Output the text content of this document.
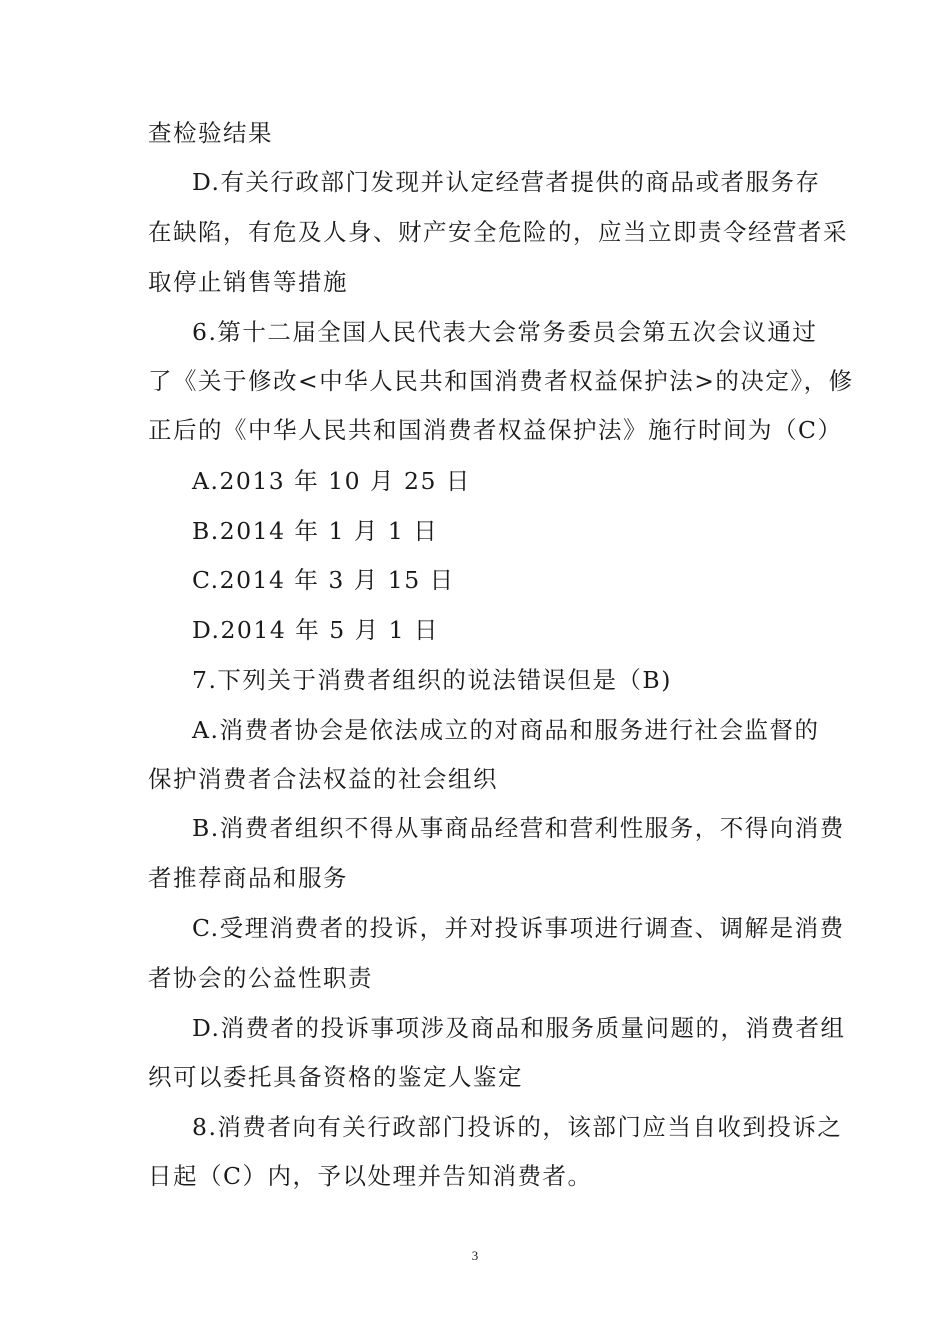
查检验结果
D.有关行政部门发现并认定经营者提供的商品或者服务存
在缺陷，有危及人身、财产安全危险的，应当立即责令经营者采
取停止销售等措施
6.第十二届全国人民代表大会常务委员会第五次会议通过
了《关于修改<中华人民共和国消费者权益保护法>的决定》，修
正后的《中华人民共和国消费者权益保护法》施行时间为（C）
A.2013 年 10 月 25 日
B.2014 年 1 月 1 日
C.2014 年 3 月 15 日
D.2014 年 5 月 1 日
7.下列关于消费者组织的说法错误但是（B)
A.消费者协会是依法成立的对商品和服务进行社会监督的
保护消费者合法权益的社会组织
B.消费者组织不得从事商品经营和营利性服务，不得向消费
者推荐商品和服务
C.受理消费者的投诉，并对投诉事项进行调查、调解是消费
者协会的公益性职责
D.消费者的投诉事项涉及商品和服务质量问题的，消费者组
织可以委托具备资格的鉴定人鉴定
8.消费者向有关行政部门投诉的，该部门应当自收到投诉之
日起（C）内，予以处理并告知消费者。
3
